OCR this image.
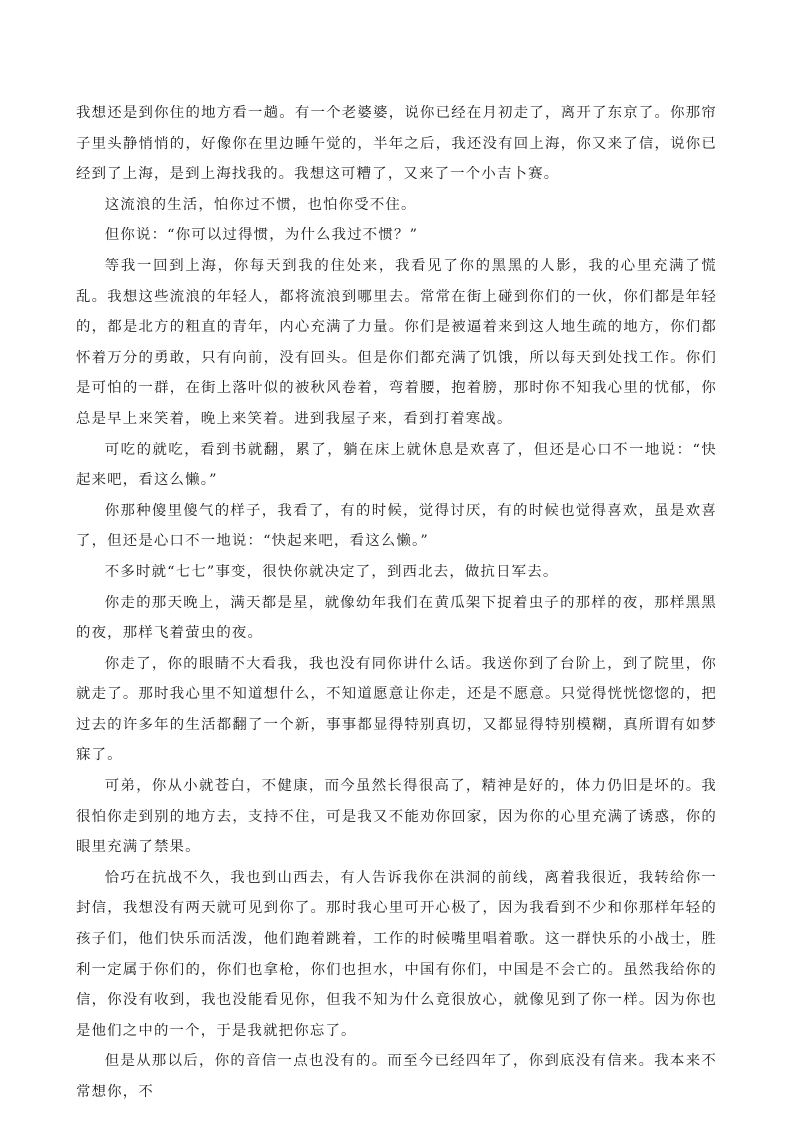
我想还是到你住的地方看一趟。有一个老婆婆，说你已经在月初走了，离开了东京了。你那帘子里头静悄悄的，好像你在里边睡午觉的，半年之后，我还没有回上海，你又来了信，说你已经到了上海，是到上海找我的。我想这可糟了，又来了一个小吉卜赛。

这流浪的生活，怕你过不惯，也怕你受不住。

但你说：“你可以过得惯，为什么我过不惯？”

等我一回到上海，你每天到我的住处来，我看见了你的黑黑的人影，我的心里充满了慌乱。我想这些流浪的年轻人，都将流浪到哪里去。常常在街上碰到你们的一伙，你们都是年轻的，都是北方的粗直的青年，内心充满了力量。你们是被逼着来到这人地生疏的地方，你们都怀着万分的勇敢，只有向前，没有回头。但是你们都充满了饥饿，所以每天到处找工作。你们是可怕的一群，在街上落叶似的被秋风卷着，弯着腰，抱着膀，那时你不知我心里的忧郁，你总是早上来笑着，晚上来笑着。进到我屋子来，看到打着寒战。

可吃的就吃，看到书就翻，累了，躺在床上就休息是欢喜了，但还是心口不一地说：“快起来吧，看这么懒。”

你那种傻里傻气的样子，我看了，有的时候，觉得讨厌，有的时候也觉得喜欢，虽是欢喜了，但还是心口不一地说：“快起来吧，看这么懒。”

不多时就“七七”事变，很快你就决定了，到西北去，做抗日军去。

你走的那天晚上，满天都是星，就像幼年我们在黄瓜架下捉着虫子的那样的夜，那样黑黑的夜，那样飞着萤虫的夜。

你走了，你的眼睛不大看我，我也没有同你讲什么话。我送你到了台阶上，到了院里，你就走了。那时我心里不知道想什么，不知道愿意让你走，还是不愿意。只觉得恍恍惚惚的，把过去的许多年的生活都翻了一个新，事事都显得特别真切，又都显得特别模糊，真所谓有如梦寐了。

可弟，你从小就苍白，不健康，而今虽然长得很高了，精神是好的，体力仍旧是坏的。我很怕你走到别的地方去，支持不住，可是我又不能劝你回家，因为你的心里充满了诱惑，你的眼里充满了禁果。

恰巧在抗战不久，我也到山西去，有人告诉我你在洪洞的前线，离着我很近，我转给你一封信，我想没有两天就可见到你了。那时我心里可开心极了，因为我看到不少和你那样年轻的孩子们，他们快乐而活泼，他们跑着跳着，工作的时候嘴里唱着歌。这一群快乐的小战士，胜利一定属于你们的，你们也拿枪，你们也担水，中国有你们，中国是不会亡的。虽然我给你的信，你没有收到，我也没能看见你，但我不知为什么竟很放心，就像见到了你一样。因为你也是他们之中的一个，于是我就把你忘了。

但是从那以后，你的音信一点也没有的。而至今已经四年了，你到底没有信来。我本来不常想你，不
